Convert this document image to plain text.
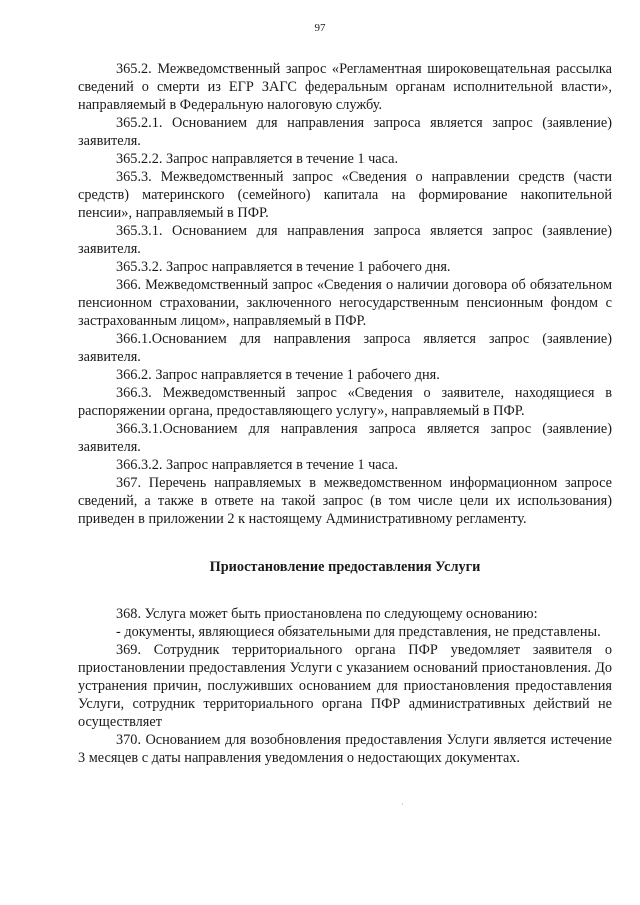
97

365.2. Межведомственный запрос «Регламентная широковещательная рассылка сведений о смерти из ЕГР ЗАГС федеральным органам исполнительной власти», направляемый в Федеральную налоговую службу.

365.2.1. Основанием для направления запроса является запрос (заявление) заявителя.

365.2.2. Запрос направляется в течение 1 часа.

365.3. Межведомственный запрос «Сведения о направлении средств (части средств) материнского (семейного) капитала на формирование накопительной пенсии», направляемый в ПФР.

365.3.1. Основанием для направления запроса является запрос (заявление) заявителя.

365.3.2. Запрос направляется в течение 1 рабочего дня.

366. Межведомственный запрос «Сведения о наличии договора об обязательном пенсионном страховании, заключенного негосударственным пенсионным фондом с застрахованным лицом», направляемый в ПФР.

366.1.Основанием для направления запроса является запрос (заявление) заявителя.

366.2. Запрос направляется в течение 1 рабочего дня.

366.3. Межведомственный запрос «Сведения о заявителе, находящиеся в распоряжении органа, предоставляющего услугу», направляемый в ПФР.

366.3.1.Основанием для направления запроса является запрос (заявление) заявителя.

366.3.2. Запрос направляется в течение 1 часа.

367. Перечень направляемых в межведомственном информационном запросе сведений, а также в ответе на такой запрос (в том числе цели их использования) приведен в приложении 2 к настоящему Административному регламенту.

Приостановление предоставления Услуги

368. Услуга может быть приостановлена по следующему основанию:

- документы, являющиеся обязательными для представления, не представлены.

369. Сотрудник территориального органа ПФР уведомляет заявителя о приостановлении предоставления Услуги с указанием оснований приостановления. До устранения причин, послуживших основанием для приостановления предоставления Услуги, сотрудник территориального органа ПФР административных действий не осуществляет

370. Основанием для возобновления предоставления Услуги является истечение 3 месяцев с даты направления уведомления о недостающих документах.

·
